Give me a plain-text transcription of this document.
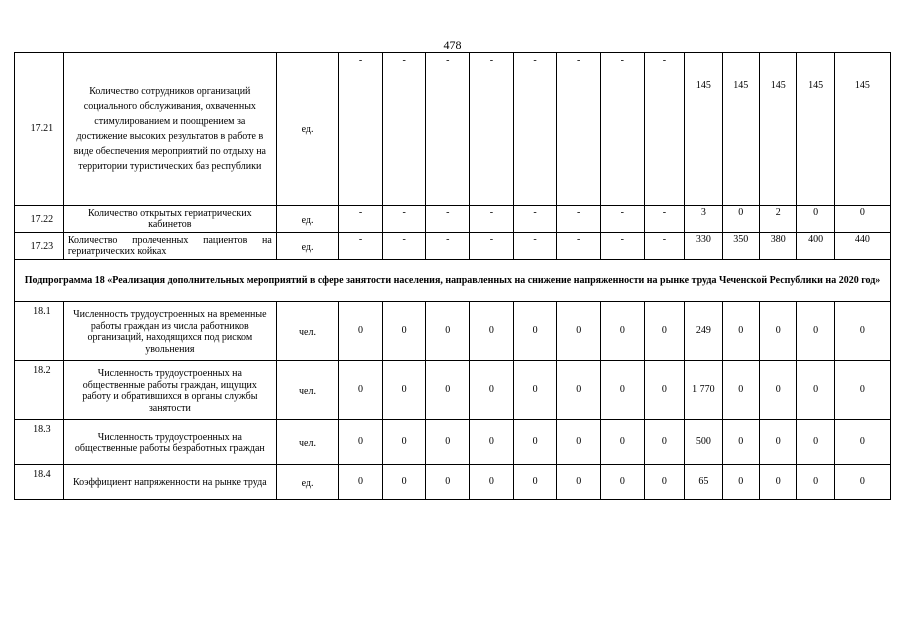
478
17.21	Количество сотрудников организаций социального обслуживания, охваченных стимулированием и поощрением за достижение высоких результатов в работе в виде обеспечения мероприятий по отдыху на территории туристических баз республики	ед.	-	-	-	-	-	-	-	-	145	145	145	145	145
17.22	Количество открытых гериатрических кабинетов	ед.	-	-	-	-	-	-	-	-	3	0	2	0	0
17.23	Количество пролеченных пациентов на гериатрических койках	ед.	-	-	-	-	-	-	-	-	330	350	380	400	440
Подпрограмма 18 «Реализация дополнительных мероприятий в сфере занятости населения, направленных на снижение напряженности на рынке труда Чеченской Республики на 2020 год»															
18.1	Численность трудоустроенных на временные работы граждан из числа работников организаций, находящихся под риском увольнения	чел.	0	0	0	0	0	0	0	0	249	0	0	0	0
18.2	Численность трудоустроенных на общественные работы граждан, ищущих работу и обратившихся в органы службы занятости	чел.	0	0	0	0	0	0	0	0	1 770	0	0	0	0
18.3	Численность трудоустроенных на общественные работы безработных граждан	чел.	0	0	0	0	0	0	0	0	500	0	0	0	0
18.4	Коэффициент напряженности на рынке труда	ед.	0	0	0	0	0	0	0	0	65	0	0	0	0
